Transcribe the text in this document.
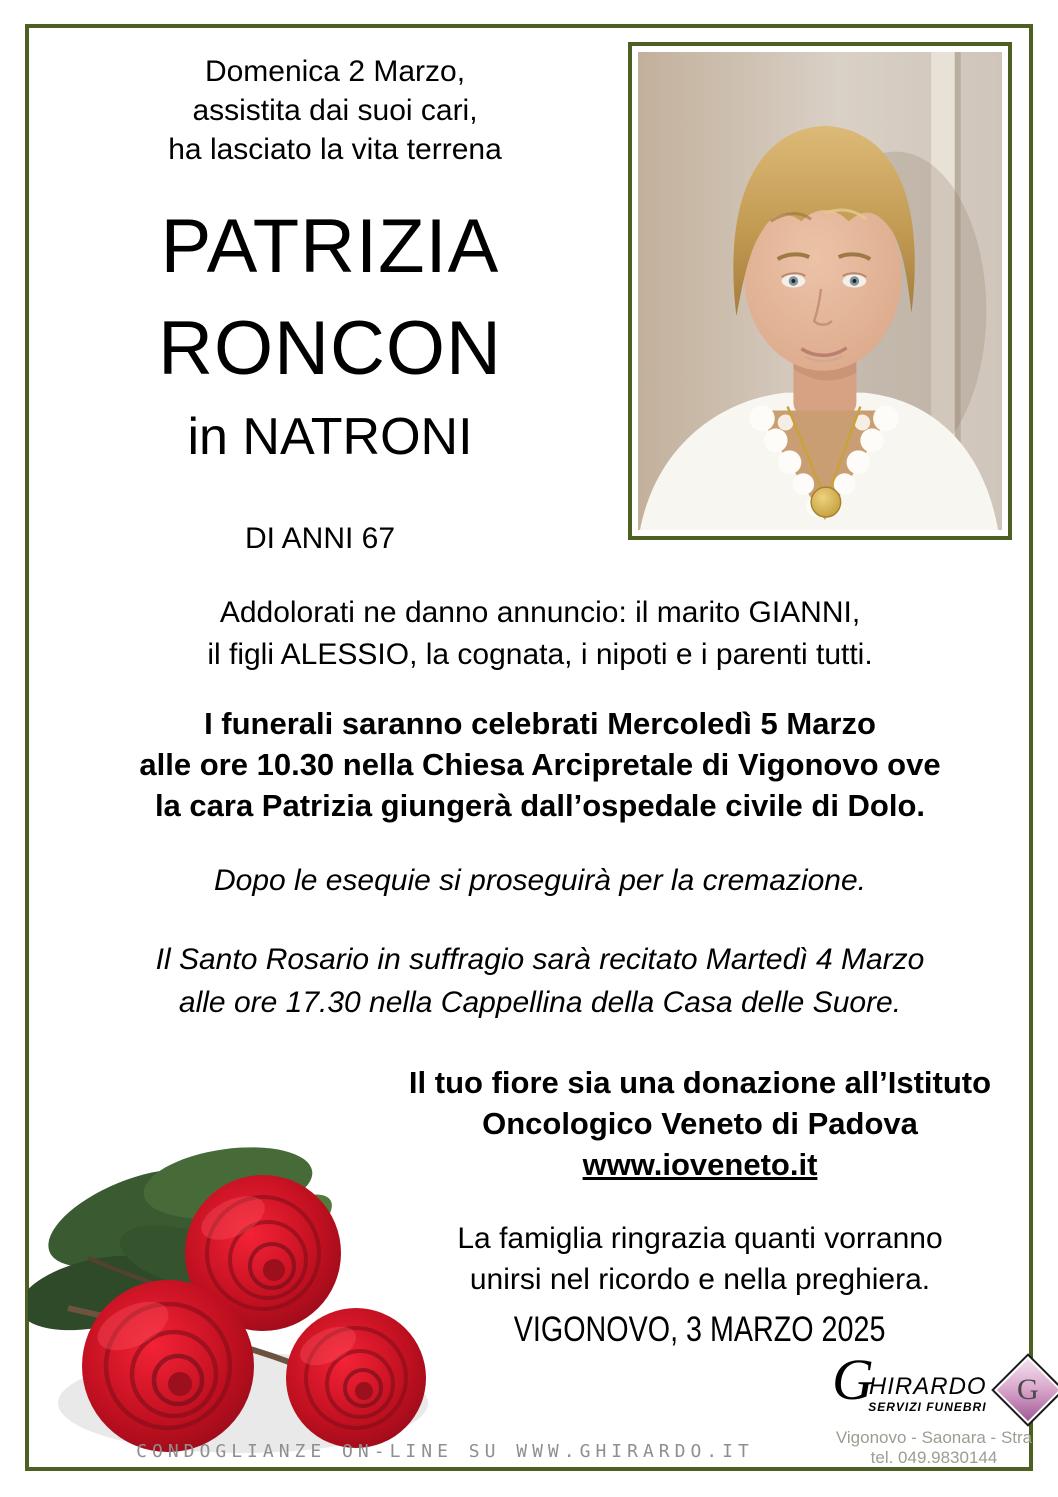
Domenica 2 Marzo,
assistita dai suoi cari,
ha lasciato la vita terrena
PATRIZIA
RONCON
in NATRONI
DI ANNI 67
Addolorati ne danno annuncio: il marito GIANNI,
il figli ALESSIO, la cognata, i nipoti e i parenti tutti.
I funerali saranno celebrati Mercoledì 5 Marzo
alle ore 10.30 nella Chiesa Arcipretale di Vigonovo ove
la cara Patrizia giungerà dall’ospedale civile di Dolo.
Dopo le esequie si proseguirà per la cremazione.
Il Santo Rosario in suffragio sarà recitato Martedì 4 Marzo
alle ore 17.30 nella Cappellina della Casa delle Suore.
Il tuo fiore sia una donazione all’Istituto
Oncologico Veneto di Padova
www.ioveneto.it
La famiglia ringrazia quanti vorranno
unirsi nel ricordo e nella preghiera.
VIGONOVO, 3 MARZO 2025
CONDOGLIANZE ON-LINE SU WWW.GHIRARDO.IT
G
HIRARDO
SERVIZI FUNEBRI
G
Vigonovo - Saonara - Stra
tel. 049.9830144
